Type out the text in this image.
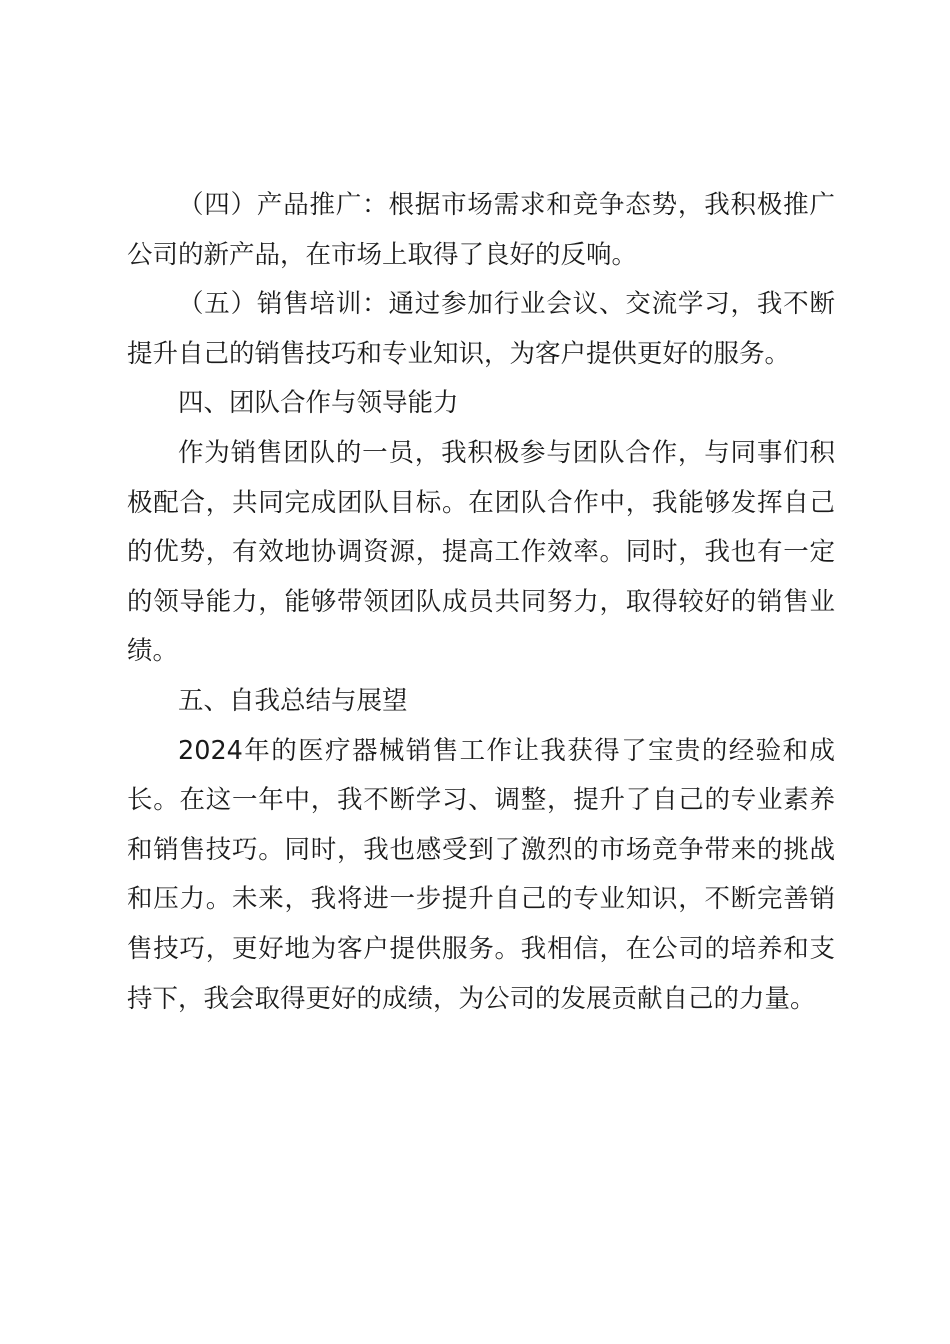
（四）产品推广：根据市场需求和竞争态势，我积极推广公司的新产品，在市场上取得了良好的反响。

（五）销售培训：通过参加行业会议、交流学习，我不断提升自己的销售技巧和专业知识，为客户提供更好的服务。

四、团队合作与领导能力

作为销售团队的一员，我积极参与团队合作，与同事们积极配合，共同完成团队目标。在团队合作中，我能够发挥自己的优势，有效地协调资源，提高工作效率。同时，我也有一定的领导能力，能够带领团队成员共同努力，取得较好的销售业绩。

五、自我总结与展望

2024年的医疗器械销售工作让我获得了宝贵的经验和成长。在这一年中，我不断学习、调整，提升了自己的专业素养和销售技巧。同时，我也感受到了激烈的市场竞争带来的挑战和压力。未来，我将进一步提升自己的专业知识，不断完善销售技巧，更好地为客户提供服务。我相信，在公司的培养和支持下，我会取得更好的成绩，为公司的发展贡献自己的力量。
